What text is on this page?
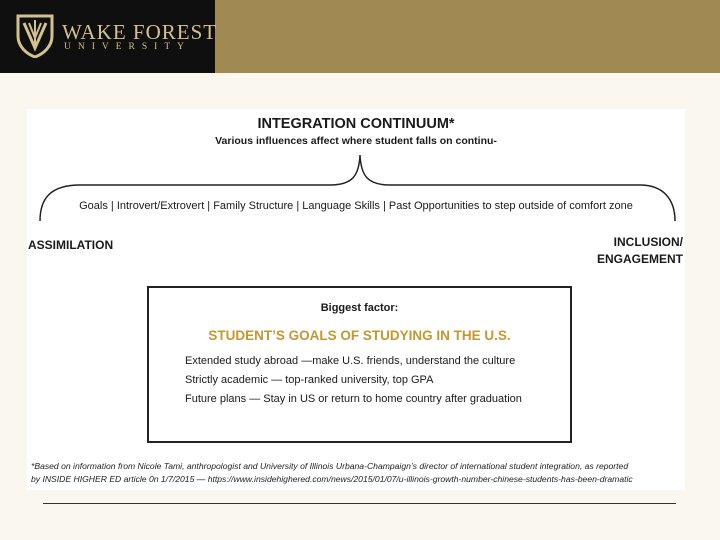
WAKE FOREST
UNIVERSITY
INTEGRATION CONTINUUM*
Various influences affect where student falls on continu-
Goals | Introvert/Extrovert | Family Structure | Language Skills | Past Opportunities to step outside of comfort zone
ASSIMILATION	INCLUSION/
ENGAGEMENT
Biggest factor:
STUDENT’S GOALS OF STUDYING IN THE U.S.
Extended study abroad —make U.S. friends, understand the culture
Strictly academic — top-ranked university, top GPA
Future plans — Stay in US or return to home country after graduation
*Based on information from Nicole Tami, anthropologist and University of Illinois Urbana-Champaign’s director of international student integration, as reported
by INSIDE HIGHER ED article 0n 1/7/2015 — https://www.insidehighered.com/news/2015/01/07/u-illinois-growth-number-chinese-students-has-been-dramatic
